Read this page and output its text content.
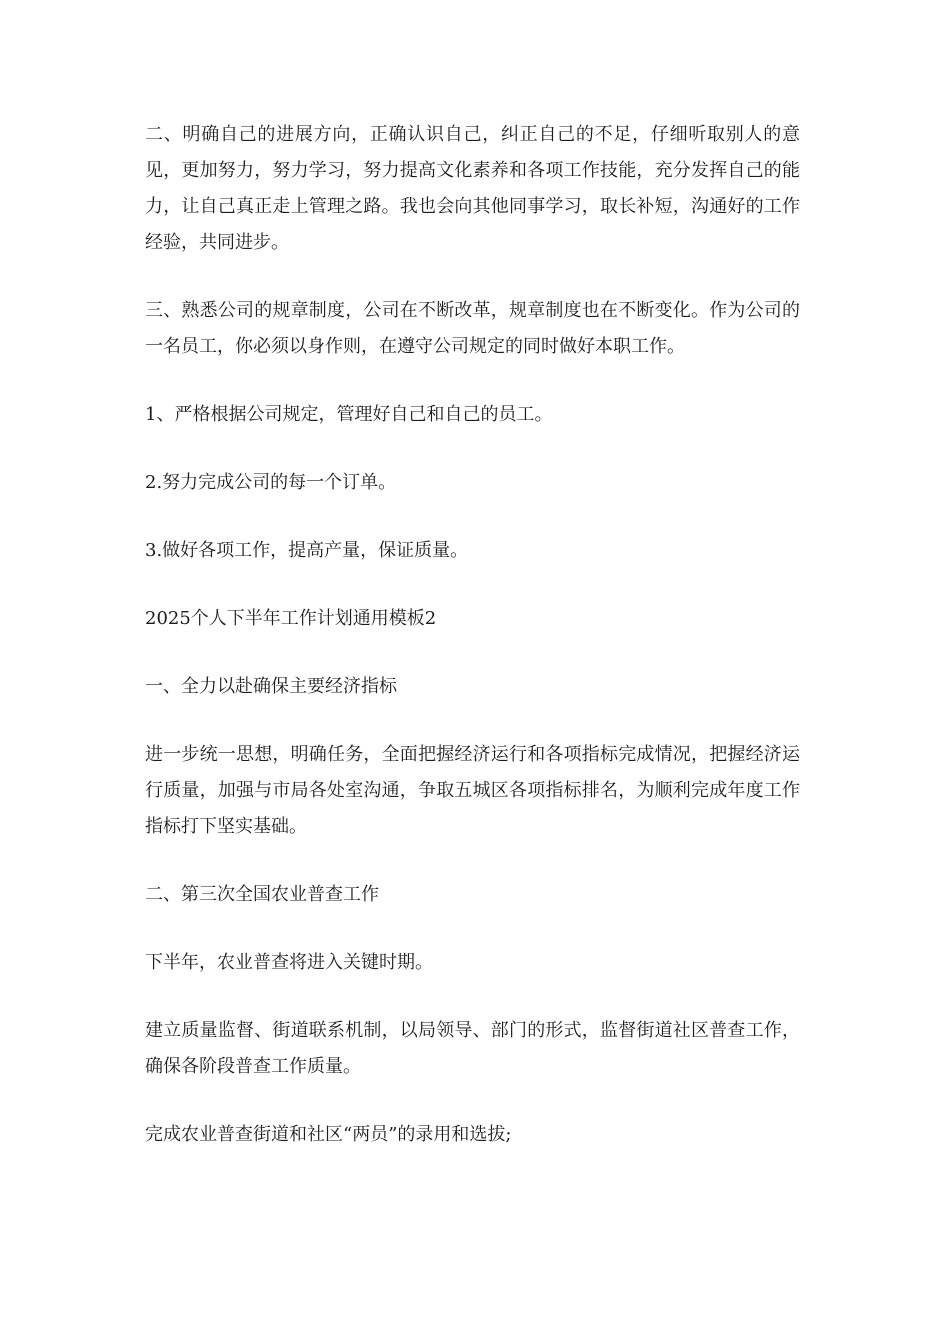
二、明确自己的进展方向，正确认识自己，纠正自己的不足，仔细听取别人的意见，更加努力，努力学习，努力提高文化素养和各项工作技能，充分发挥自己的能力，让自己真正走上管理之路。我也会向其他同事学习，取长补短，沟通好的工作经验，共同进步。

三、熟悉公司的规章制度，公司在不断改革，规章制度也在不断变化。作为公司的一名员工，你必须以身作则，在遵守公司规定的同时做好本职工作。

1、严格根据公司规定，管理好自己和自己的员工。

2.努力完成公司的每一个订单。

3.做好各项工作，提高产量，保证质量。

2025个人下半年工作计划通用模板2

一、全力以赴确保主要经济指标

进一步统一思想，明确任务，全面把握经济运行和各项指标完成情况，把握经济运行质量，加强与市局各处室沟通，争取五城区各项指标排名，为顺利完成年度工作指标打下坚实基础。

二、第三次全国农业普查工作

下半年，农业普查将进入关键时期。

建立质量监督、街道联系机制，以局领导、部门的形式，监督街道社区普查工作，确保各阶段普查工作质量。

完成农业普查街道和社区“两员”的录用和选拔;
